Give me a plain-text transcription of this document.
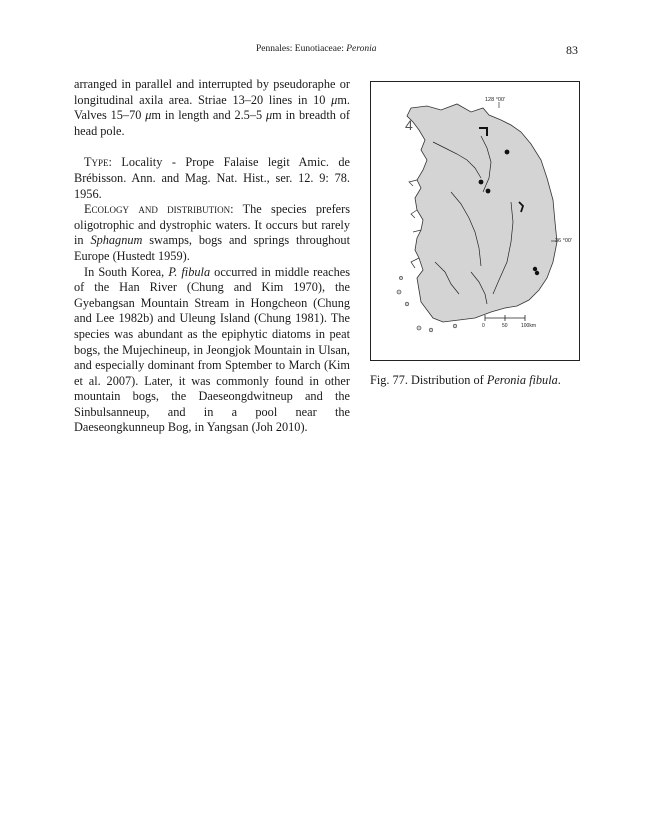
Pennales: Eunotiaceae: Peronia	83

arranged in parallel and interrupted by pseudoraphe or longitudinal axila area. Striae 13–20 lines in 10 μm. Valves 15–70 μm in length and 2.5–5 μm in breadth of head pole.

Type: Locality - Prope Falaise legit Amic. de Brébisson. Ann. and Mag. Nat. Hist., ser. 12. 9: 78. 1956.

Ecology and distribution: The species prefers oligotrophic and dystrophic waters. It occurs but rarely in Sphagnum swamps, bogs and springs throughout Europe (Hustedt 1959).

In South Korea, P. fibula occurred in middle reaches of the Han River (Chung and Kim 1970), the Gyebangsan Mountain Stream in Hongcheon (Chung and Lee 1982b) and Uleung Island (Chung 1981). The species was abundant as the epiphytic diatoms in peat bogs, the Mujechineup, in Jeongjok Mountain in Ulsan, and especially dominant from Sptember to March (Kim et al. 2007). Later, it was commonly found in other mountain bogs, the Daeseongdwitneup and the Sinbulsanneup, and in a pool near the Daeseongkunneup Bog, in Yangsan (Joh 2010).

128 °00'
36 °00'
4
0	50	100km
Fig. 77. Distribution of Peronia fibula.
